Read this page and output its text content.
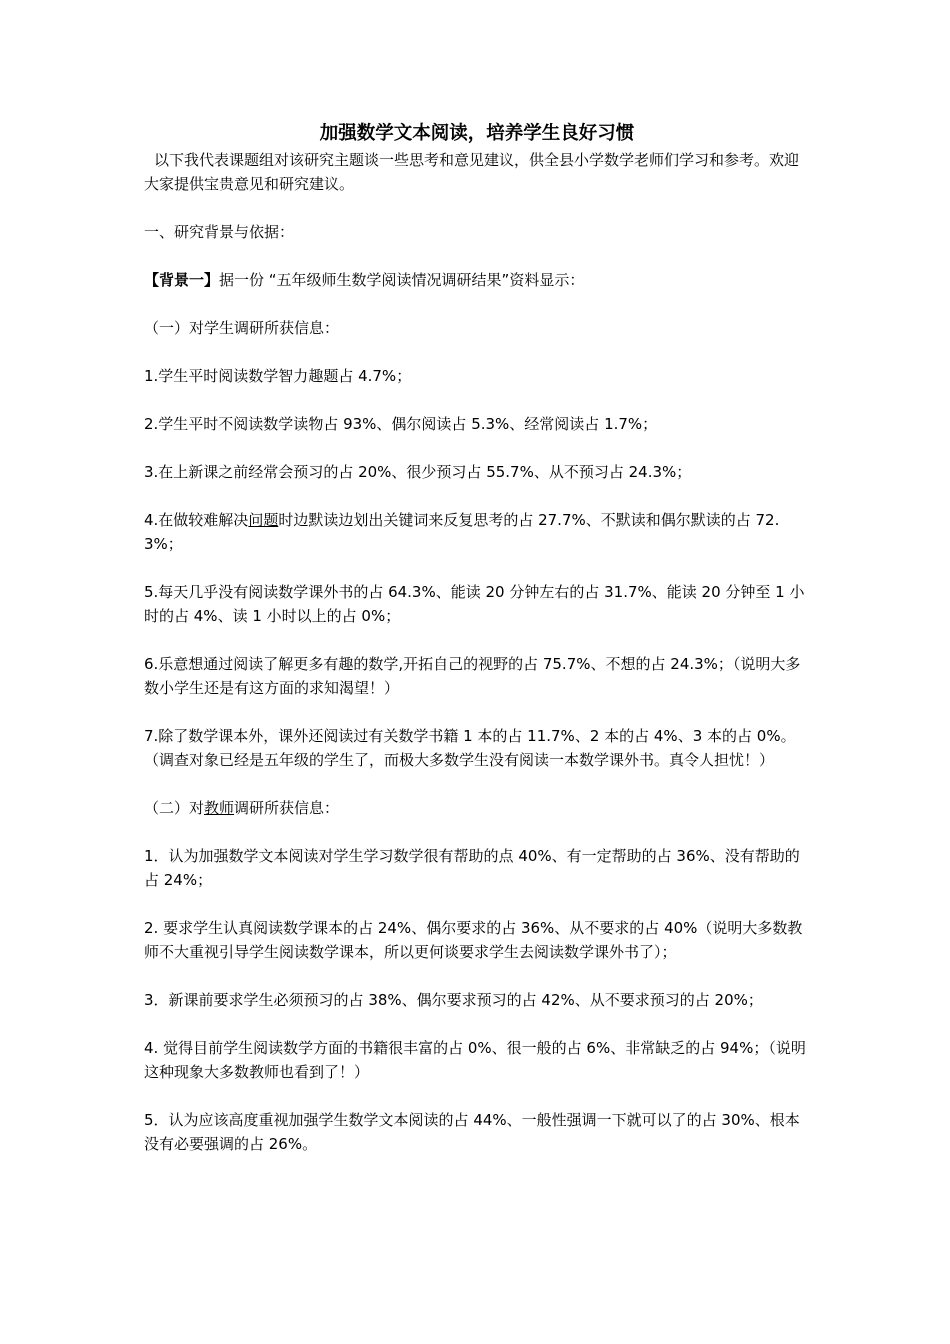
加强数学文本阅读，培养学生良好习惯

以下我代表课题组对该研究主题谈一些思考和意见建议，供全县小学数学老师们学习和参考。欢迎大家提供宝贵意见和研究建议。

一、研究背景与依据：

【背景一】据一份 “五年级师生数学阅读情况调研结果”资料显示：

（一）对学生调研所获信息：

1.学生平时阅读数学智力趣题占 4.7%；

2.学生平时不阅读数学读物占 93%、偶尔阅读占 5.3%、经常阅读占 1.7%；

3.在上新课之前经常会预习的占 20%、很少预习占 55.7%、从不预习占 24.3%；

4.在做较难解决问题时边默读边划出关键词来反复思考的占 27.7%、不默读和偶尔默读的占 72.3%；

5.每天几乎没有阅读数学课外书的占 64.3%、能读 20 分钟左右的占 31.7%、能读 20 分钟至 1 小时的占 4%、读 1 小时以上的占 0%；

6.乐意想通过阅读了解更多有趣的数学,开拓自己的视野的占 75.7%、不想的占 24.3%；（说明大多数小学生还是有这方面的求知渴望！）

7.除了数学课本外，课外还阅读过有关数学书籍 1 本的占 11.7%、2 本的占 4%、3 本的占 0%。（调查对象已经是五年级的学生了，而极大多数学生没有阅读一本数学课外书。真令人担忧！）

（二）对教师调研所获信息：

1．认为加强数学文本阅读对学生学习数学很有帮助的点 40%、有一定帮助的占 36%、没有帮助的占 24%；

2. 要求学生认真阅读数学课本的占 24%、偶尔要求的占 36%、从不要求的占 40%（说明大多数教师不大重视引导学生阅读数学课本，所以更何谈要求学生去阅读数学课外书了）；

3．新课前要求学生必须预习的占 38%、偶尔要求预习的占 42%、从不要求预习的占 20%；

4. 觉得目前学生阅读数学方面的书籍很丰富的占 0%、很一般的占 6%、非常缺乏的占 94%；（说明这种现象大多数教师也看到了！）

5．认为应该高度重视加强学生数学文本阅读的占 44%、一般性强调一下就可以了的占 30%、根本没有必要强调的占 26%。
